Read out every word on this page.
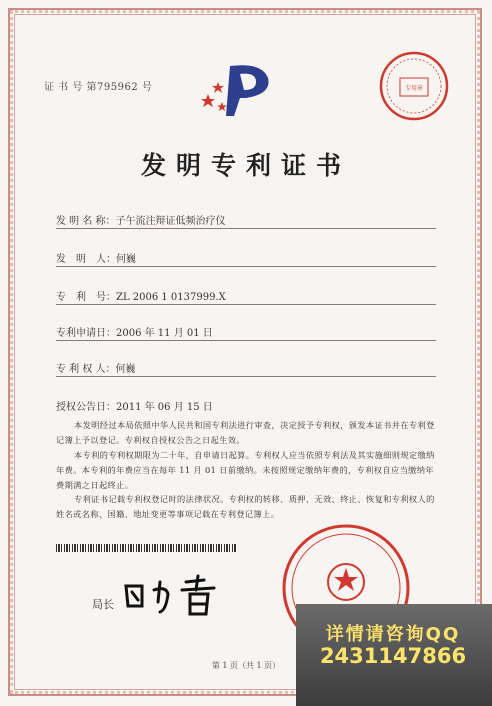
证 书 号 第795962 号	专用章
发明专利证书
发 明 名 称：子午流注辩证低频治疗仪
发　明　人：何巍
专　利　号：ZL 2006 1 0137999.X
专利申请日：2006 年 11 月 01 日
专 利 权 人：何巍
授权公告日：2011 年 06 月 15 日
本发明经过本局依照中华人民共和国专利法进行审查，决定授予专利权，颁发本证书并在专利登记簿上予以登记。专利权自授权公告之日起生效。
本专利的专利权期限为二十年，自申请日起算。专利权人应当依照专利法及其实施细则规定缴纳年费。本专利的年费应当在每年 11 月 01 日前缴纳。未按照规定缴纳年费的，专利权自应当缴纳年费期满之日起终止。
专利证书记载专利权登记时的法律状况。专利权的转移、质押、无效、终止、恢复和专利权人的姓名或名称、国籍、地址变更等事项记载在专利登记簿上。
局长
第 1 页（共 1 页）
详情请咨询QQ
2431147866
